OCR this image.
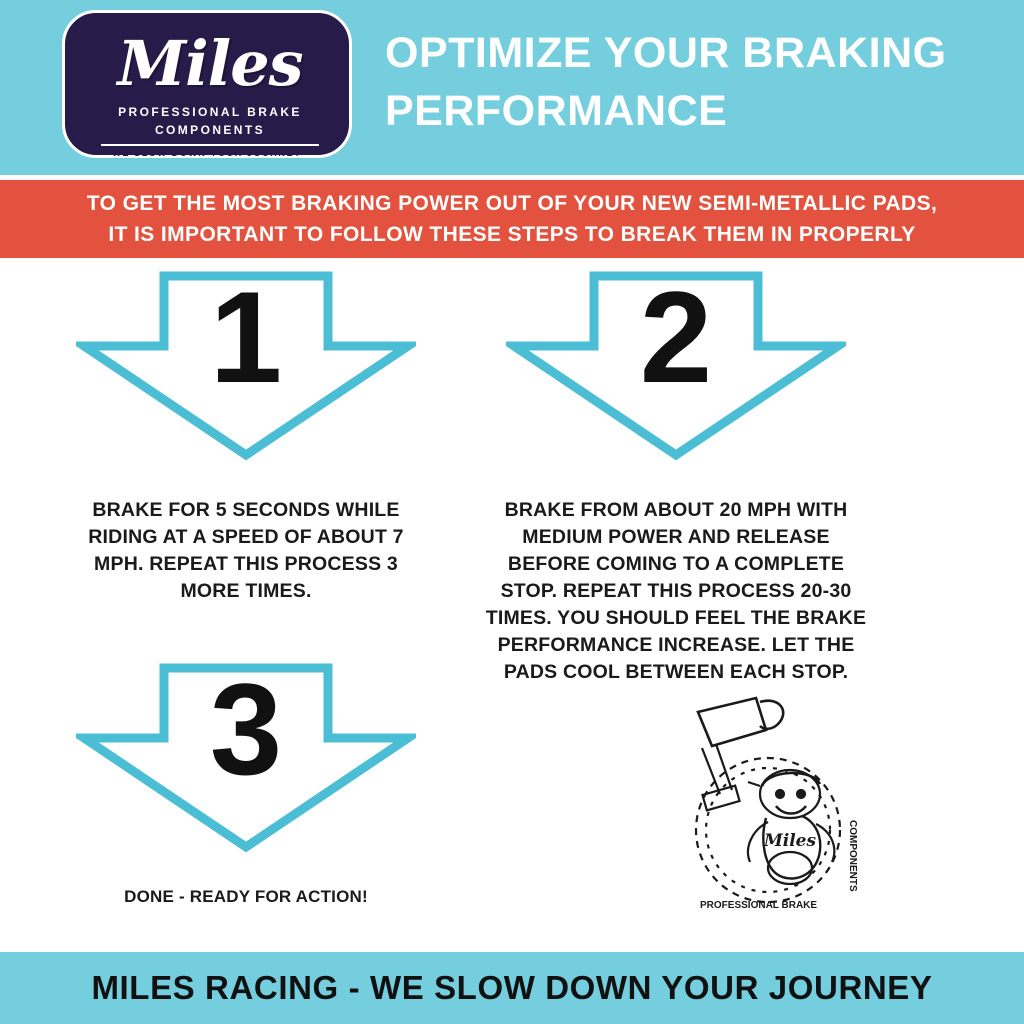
Miles
PROFESSIONAL BRAKE
COMPONENTS
WE SLOW DOWN YOUR JOURNEY
OPTIMIZE YOUR BRAKING PERFORMANCE
TO GET THE MOST BRAKING POWER OUT OF YOUR NEW SEMI-METALLIC PADS,
IT IS IMPORTANT TO FOLLOW THESE STEPS TO BREAK THEM IN PROPERLY
1
BRAKE FOR 5 SECONDS WHILE RIDING AT A SPEED OF ABOUT 7 MPH. REPEAT THIS PROCESS 3 MORE TIMES.
2
BRAKE FROM ABOUT 20 MPH WITH MEDIUM POWER AND RELEASE BEFORE COMING TO A COMPLETE STOP. REPEAT THIS PROCESS 20-30 TIMES. YOU SHOULD FEEL THE BRAKE PERFORMANCE INCREASE. LET THE PADS COOL BETWEEN EACH STOP.
3
DONE - READY FOR ACTION!
Miles	COMPONENTS
PROFESSIONAL BRAKE
MILES RACING - WE SLOW DOWN YOUR JOURNEY
